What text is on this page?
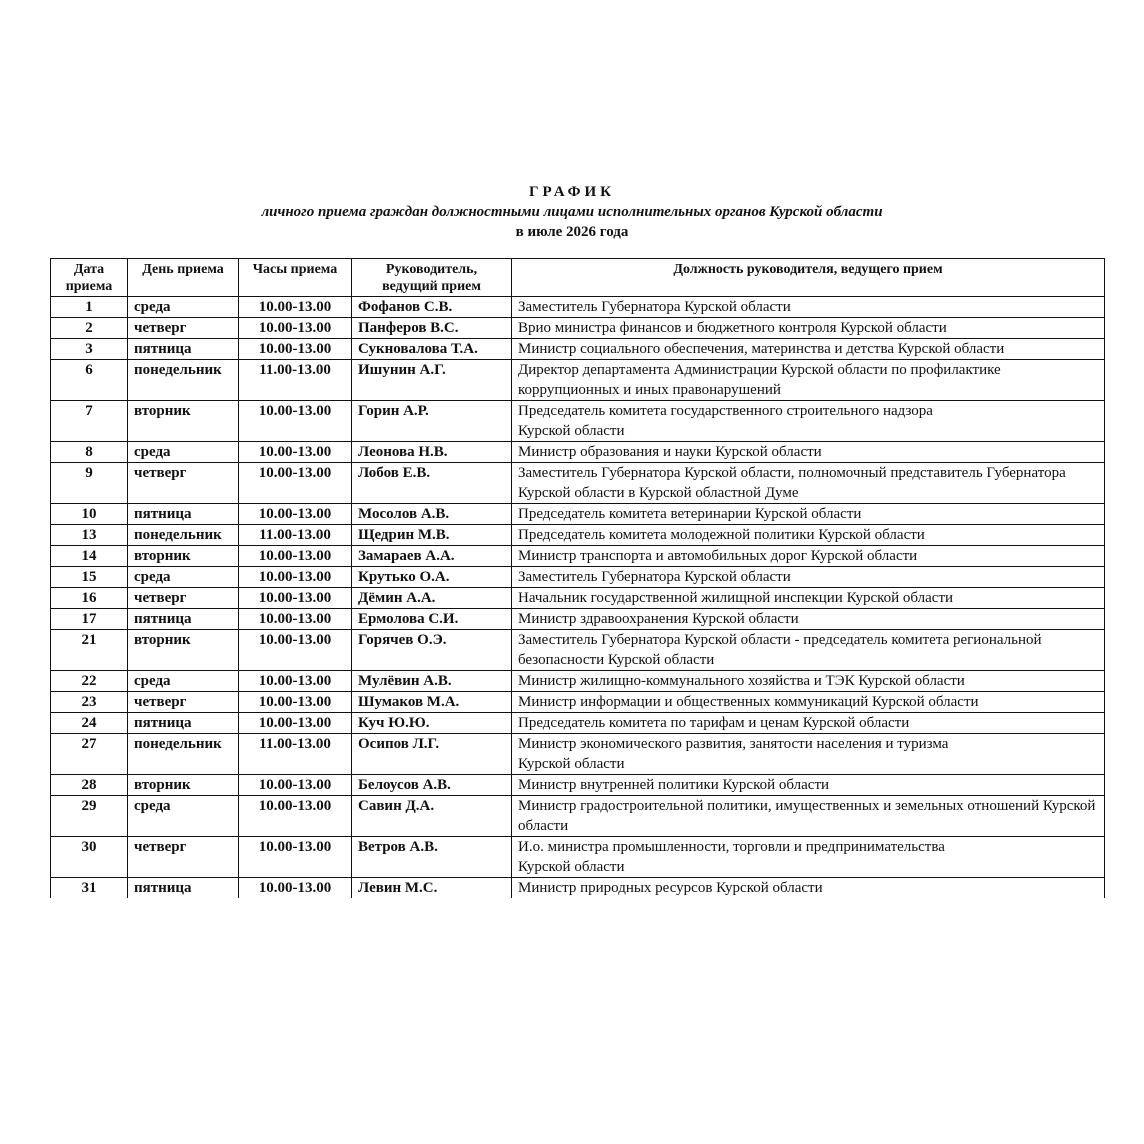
ГРАФИК
личного приема граждан должностными лицами исполнительных органов Курской области
в июле 2026 года
Дата приема	День приема	Часы приема	Руководитель, ведущий прием	Должность руководителя, ведущего прием
1	среда	10.00-13.00	Фофанов С.В.	Заместитель Губернатора Курской области
2	четверг	10.00-13.00	Панферов В.С.	Врио министра финансов и бюджетного контроля Курской области
3	пятница	10.00-13.00	Сукновалова Т.А.	Министр социального обеспечения, материнства и детства Курской области
6	понедельник	11.00-13.00	Ишунин А.Г.	Директор департамента Администрации Курской области по профилактике коррупционных и иных правонарушений
7	вторник	10.00-13.00	Горин А.Р.	Председатель комитета государственного строительного надзора
Курской области
8	среда	10.00-13.00	Леонова Н.В.	Министр образования и науки Курской области
9	четверг	10.00-13.00	Лобов Е.В.	Заместитель Губернатора Курской области, полномочный представитель Губернатора Курской области в Курской областной Думе
10	пятница	10.00-13.00	Мосолов А.В.	Председатель комитета ветеринарии Курской области
13	понедельник	11.00-13.00	Щедрин М.В.	Председатель комитета молодежной политики Курской области
14	вторник	10.00-13.00	Замараев А.А.	Министр транспорта и автомобильных дорог Курской области
15	среда	10.00-13.00	Крутько О.А.	Заместитель Губернатора Курской области
16	четверг	10.00-13.00	Дёмин А.А.	Начальник государственной жилищной инспекции Курской области
17	пятница	10.00-13.00	Ермолова С.И.	Министр здравоохранения Курской области
21	вторник	10.00-13.00	Горячев О.Э.	Заместитель Губернатора Курской области - председатель комитета региональной безопасности Курской области
22	среда	10.00-13.00	Мулёвин А.В.	Министр жилищно-коммунального хозяйства и ТЭК Курской области
23	четверг	10.00-13.00	Шумаков М.А.	Министр информации и общественных коммуникаций Курской области
24	пятница	10.00-13.00	Куч Ю.Ю.	Председатель комитета по тарифам и ценам Курской области
27	понедельник	11.00-13.00	Осипов Л.Г.	Министр экономического развития, занятости населения и туризма
Курской области
28	вторник	10.00-13.00	Белоусов А.В.	Министр внутренней политики Курской области
29	среда	10.00-13.00	Савин Д.А.	Министр градостроительной политики, имущественных и земельных отношений Курской области
30	четверг	10.00-13.00	Ветров А.В.	И.о. министра промышленности, торговли и предпринимательства
Курской области
31	пятница	10.00-13.00	Левин М.С.	Министр природных ресурсов Курской области
